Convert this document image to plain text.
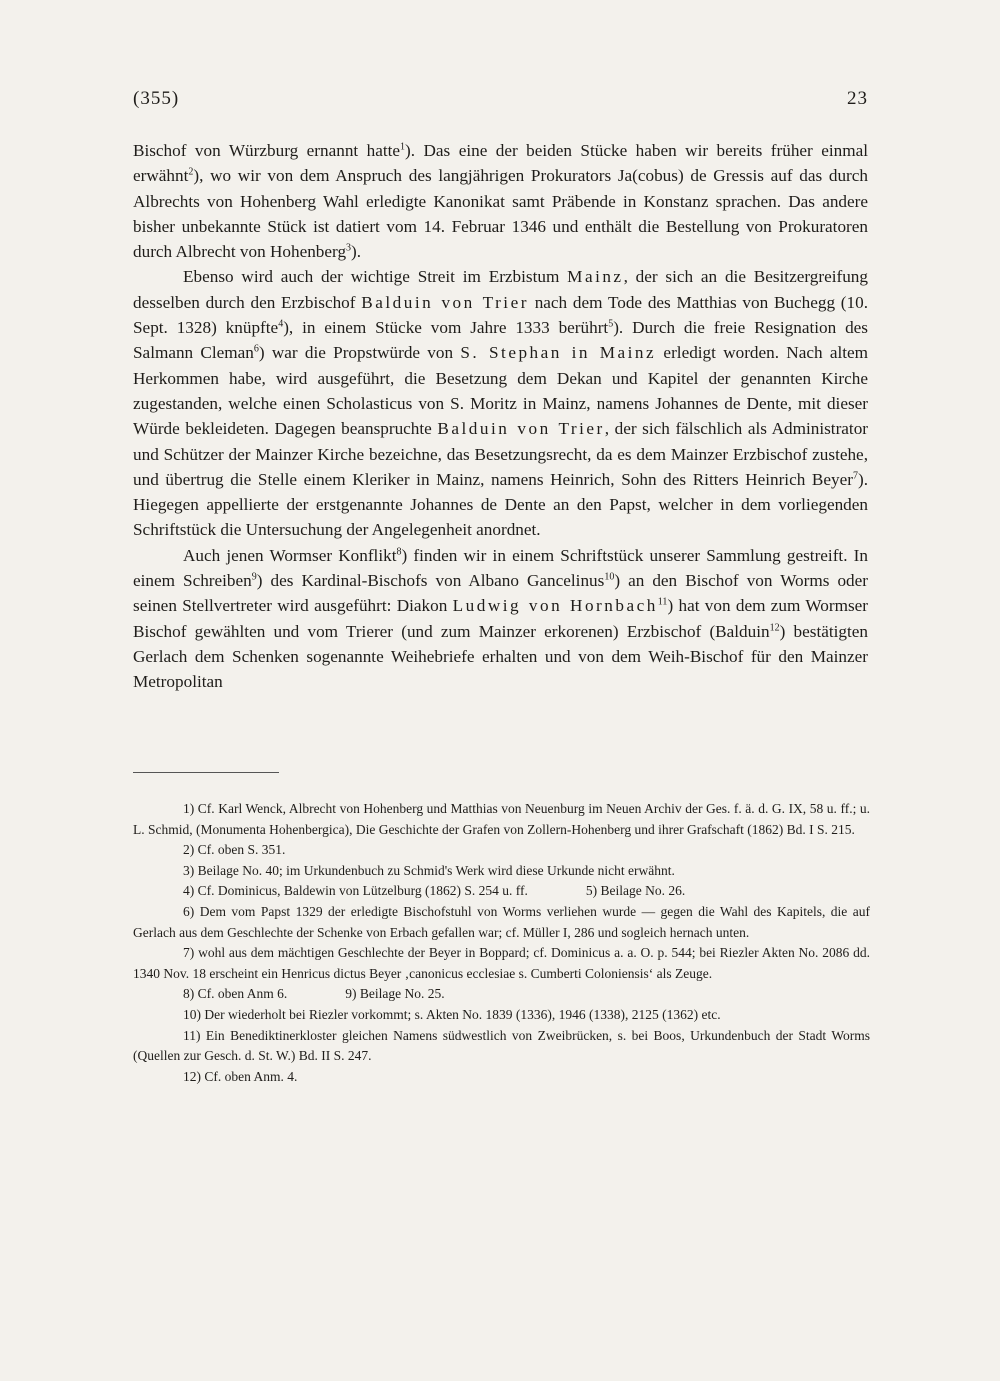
(355)	23

Bischof von Würzburg ernannt hatte$^1$). Das eine der beiden Stücke haben wir bereits früher einmal erwähnt$^2$), wo wir von dem Anspruch des langjährigen Prokurators Ja(cobus) de Gressis auf das durch Albrechts von Hohenberg Wahl erledigte Kanonikat samt Präbende in Konstanz sprachen. Das andere bisher unbekannte Stück ist datiert vom 14. Februar 1346 und enthält die Bestellung von Prokuratoren durch Albrecht von Hohenberg$^3$).

Ebenso wird auch der wichtige Streit im Erzbistum Mainz, der sich an die Besitzergreifung desselben durch den Erzbischof Balduin von Trier nach dem Tode des Matthias von Buchegg (10. Sept. 1328) knüpfte$^4$), in einem Stücke vom Jahre 1333 berührt$^5$). Durch die freie Resignation des Salmann Cleman$^6$) war die Propstwürde von S. Stephan in Mainz erledigt worden. Nach altem Herkommen habe, wird ausgeführt, die Besetzung dem Dekan und Kapitel der genannten Kirche zugestanden, welche einen Scholasticus von S. Moritz in Mainz, namens Johannes de Dente, mit dieser Würde bekleideten. Dagegen beanspruchte Balduin von Trier, der sich fälschlich als Administrator und Schützer der Mainzer Kirche bezeichne, das Besetzungsrecht, da es dem Mainzer Erzbischof zustehe, und übertrug die Stelle einem Kleriker in Mainz, namens Heinrich, Sohn des Ritters Heinrich Beyer$^7$). Hiegegen appellierte der erstgenannte Johannes de Dente an den Papst, welcher in dem vorliegenden Schriftstück die Untersuchung der Angelegenheit anordnet.

Auch jenen Wormser Konflikt$^8$) finden wir in einem Schriftstück unserer Sammlung gestreift. In einem Schreiben$^9$) des Kardinal-Bischofs von Albano Gancelinus$^{10}$) an den Bischof von Worms oder seinen Stellvertreter wird ausgeführt: Diakon Ludwig von Hornbach$^{11}$) hat von dem zum Wormser Bischof gewählten und vom Trierer (und zum Mainzer erkorenen) Erzbischof (Balduin$^{12}$) bestätigten Gerlach dem Schenken sogenannte Weihebriefe erhalten und von dem Weih-Bischof für den Mainzer Metropolitan

1) Cf. Karl Wenck, Albrecht von Hohenberg und Matthias von Neuenburg im Neuen Archiv der Ges. f. ä. d. G. IX, 58 u. ff.; u. L. Schmid, (Monumenta Hohenbergica), Die Geschichte der Grafen von Zollern-Hohenberg und ihrer Grafschaft (1862) Bd. I S. 215.

2) Cf. oben S. 351.

3) Beilage No. 40; im Urkundenbuch zu Schmid's Werk wird diese Urkunde nicht erwähnt.

4) Cf. Dominicus, Baldewin von Lützelburg (1862) S. 254 u. ff.	5) Beilage No. 26.

6) Dem vom Papst 1329 der erledigte Bischofstuhl von Worms verliehen wurde — gegen die Wahl des Kapitels, die auf Gerlach aus dem Geschlechte der Schenke von Erbach gefallen war; cf. Müller I, 286 und sogleich hernach unten.

7) wohl aus dem mächtigen Geschlechte der Beyer in Boppard; cf. Dominicus a. a. O. p. 544; bei Riezler Akten No. 2086 dd. 1340 Nov. 18 erscheint ein Henricus dictus Beyer ‚canonicus ecclesiae s. Cumberti Coloniensis‘ als Zeuge.

8) Cf. oben Anm 6.	9) Beilage No. 25.

10) Der wiederholt bei Riezler vorkommt; s. Akten No. 1839 (1336), 1946 (1338), 2125 (1362) etc.

11) Ein Benediktinerkloster gleichen Namens südwestlich von Zweibrücken, s. bei Boos, Urkundenbuch der Stadt Worms (Quellen zur Gesch. d. St. W.) Bd. II S. 247.

12) Cf. oben Anm. 4.
